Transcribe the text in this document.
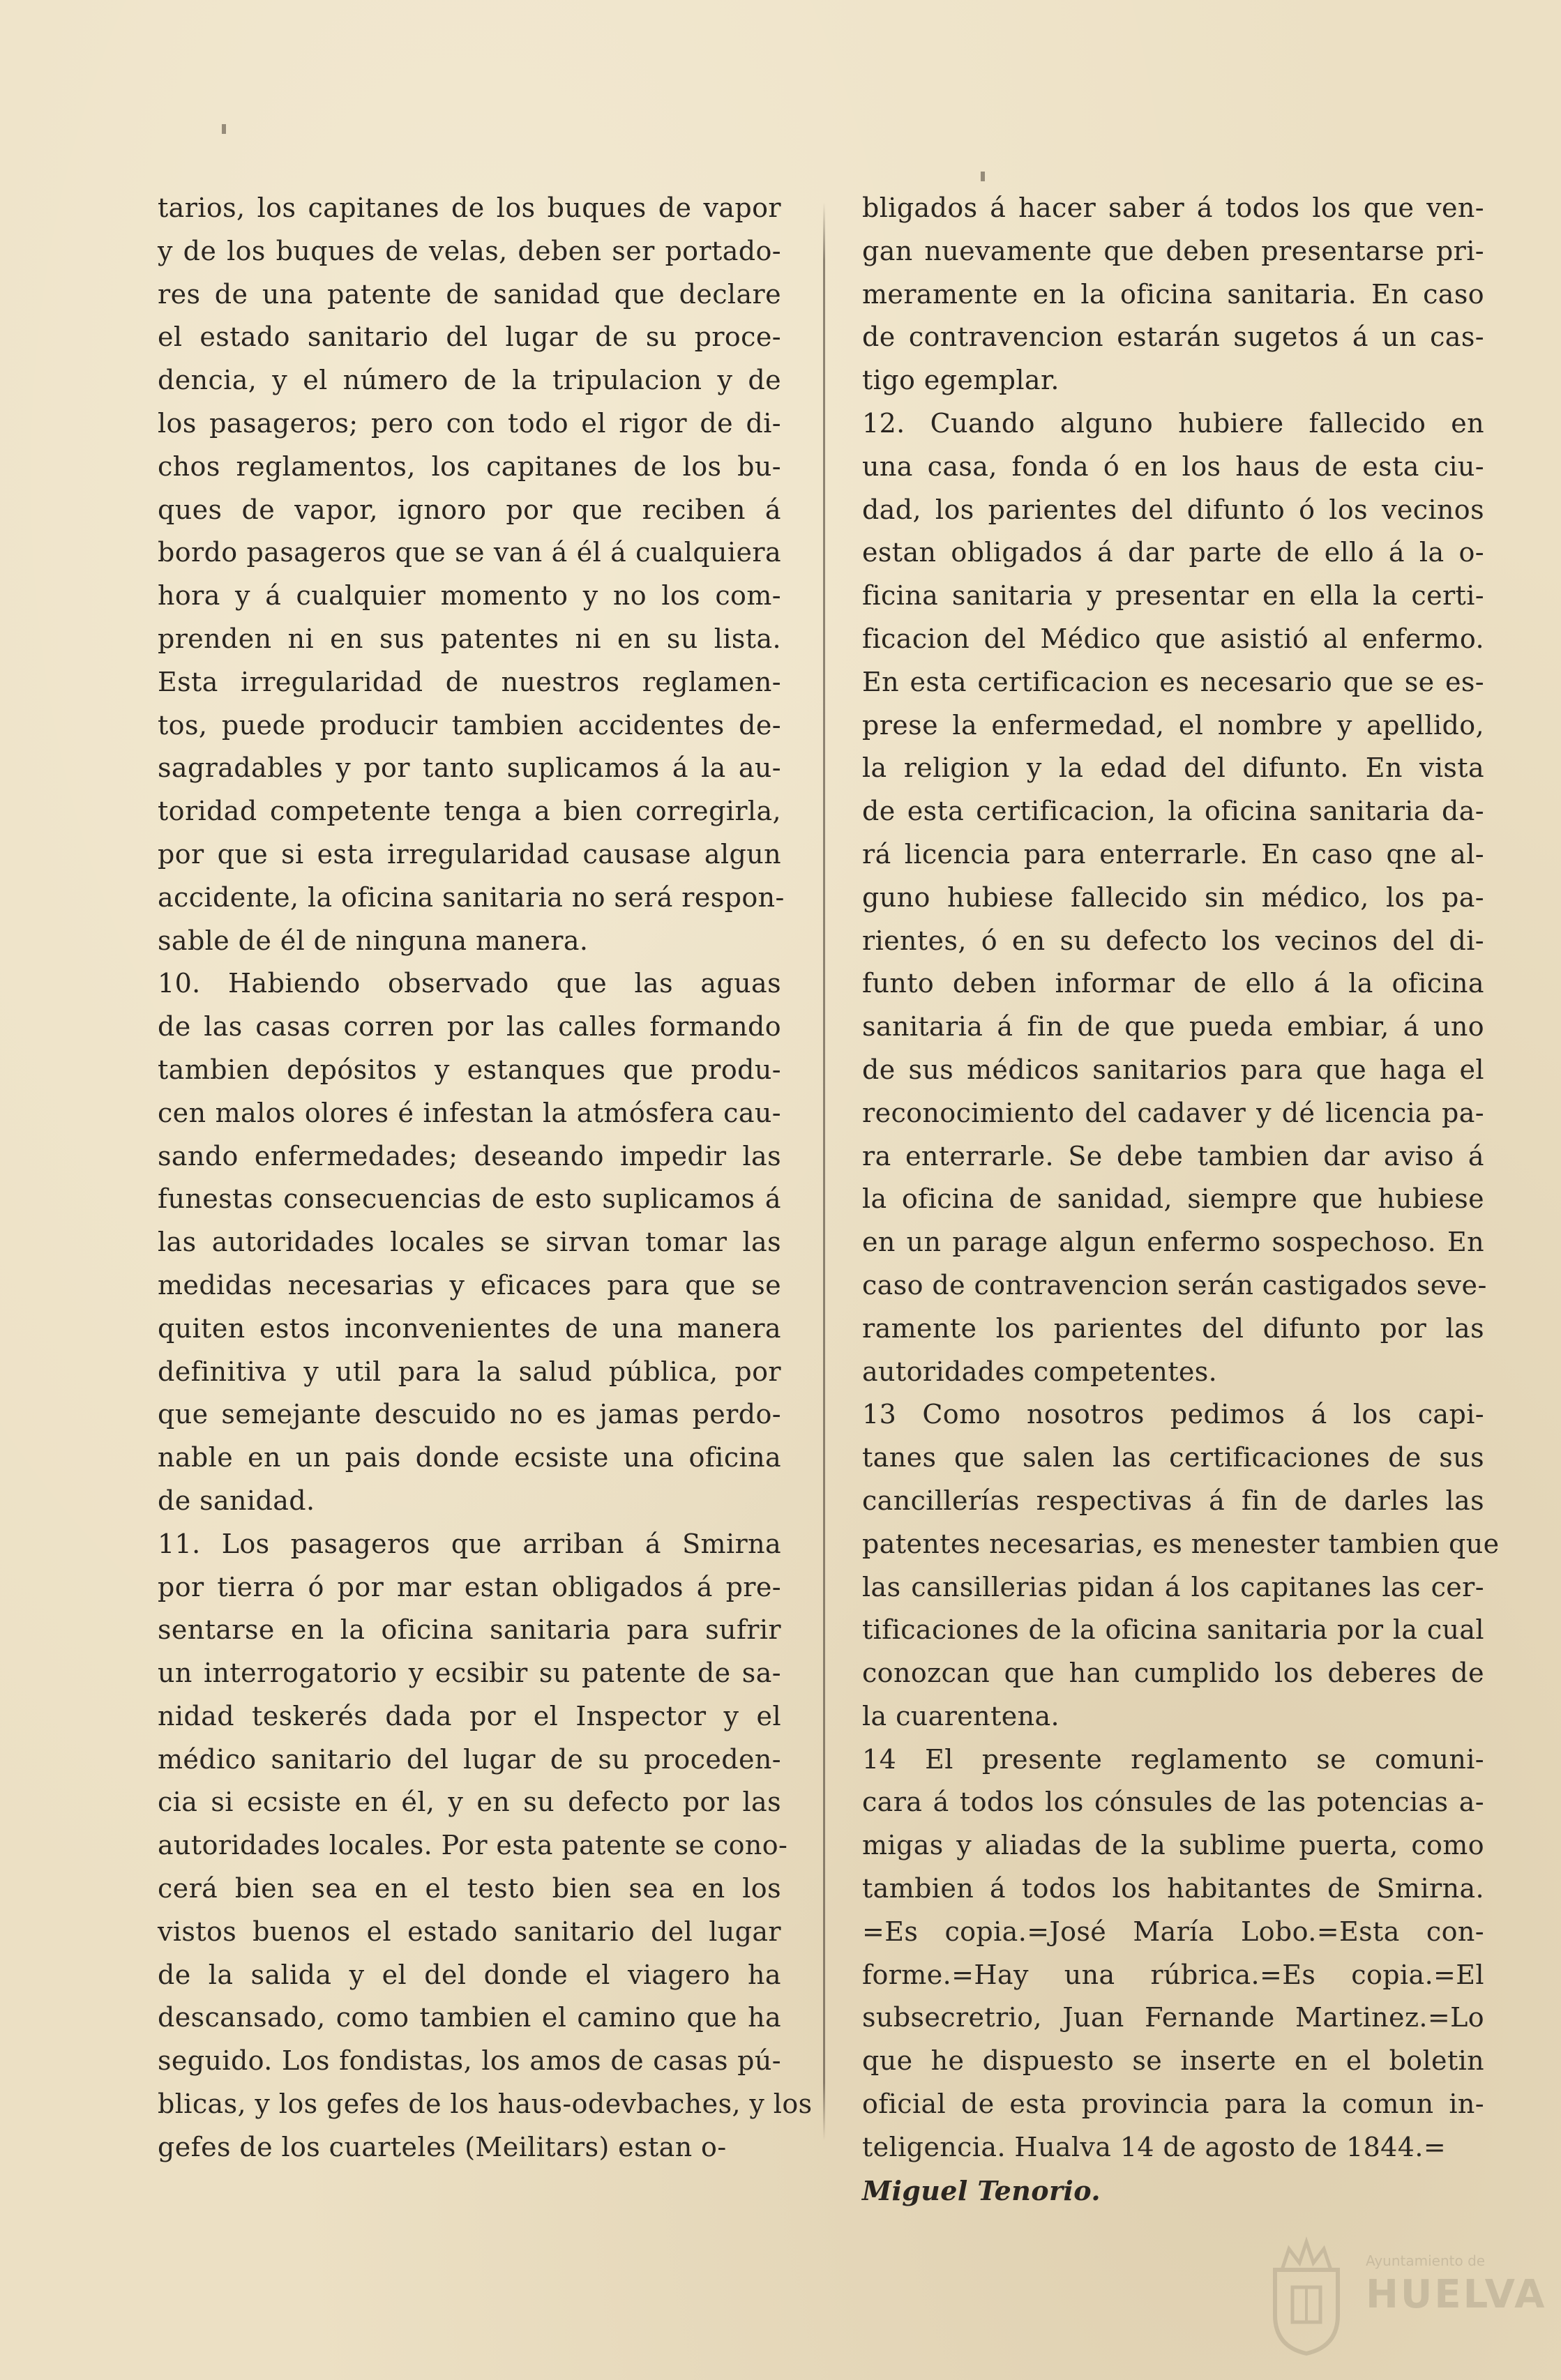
tarios, los capitanes de los buques de vapor
y de los buques de velas, deben ser portado-
res de una patente de sanidad que declare
el estado sanitario del lugar de su proce-
dencia, y el número de la tripulacion y de
los pasageros; pero con todo el rigor de di-
chos reglamentos, los capitanes de los bu-
ques de vapor, ignoro por que reciben á
bordo pasageros que se van á él á cualquiera
hora y á cualquier momento y no los com-
prenden ni en sus patentes ni en su lista.
Esta irregularidad de nuestros reglamen-
tos, puede producir tambien accidentes de-
sagradables y por tanto suplicamos á la au-
toridad competente tenga a bien corregirla,
por que si esta irregularidad causase algun
accidente, la oficina sanitaria no será respon-
sable de él de ninguna manera.
10. Habiendo observado que las aguas
de las casas corren por las calles formando
tambien depósitos y estanques que produ-
cen malos olores é infestan la atmósfera cau-
sando enfermedades; deseando impedir las
funestas consecuencias de esto suplicamos á
las autoridades locales se sirvan tomar las
medidas necesarias y eficaces para que se
quiten estos inconvenientes de una manera
definitiva y util para la salud pública, por
que semejante descuido no es jamas perdo-
nable en un pais donde ecsiste una oficina
de sanidad.
11. Los pasageros que arriban á Smirna
por tierra ó por mar estan obligados á pre-
sentarse en la oficina sanitaria para sufrir
un interrogatorio y ecsibir su patente de sa-
nidad teskerés dada por el Inspector y el
médico sanitario del lugar de su proceden-
cia si ecsiste en él, y en su defecto por las
autoridades locales. Por esta patente se cono-
cerá bien sea en el testo bien sea en los
vistos buenos el estado sanitario del lugar
de la salida y el del donde el viagero ha
descansado, como tambien el camino que ha
seguido. Los fondistas, los amos de casas pú-
blicas, y los gefes de los haus-odevbaches, y los
gefes de los cuarteles (Meilitars) estan o-
bligados á hacer saber á todos los que ven-
gan nuevamente que deben presentarse pri-
meramente en la oficina sanitaria. En caso
de contravencion estarán sugetos á un cas-
tigo egemplar.
12. Cuando alguno hubiere fallecido en
una casa, fonda ó en los haus de esta ciu-
dad, los parientes del difunto ó los vecinos
estan obligados á dar parte de ello á la o-
ficina sanitaria y presentar en ella la certi-
ficacion del Médico que asistió al enfermo.
En esta certificacion es necesario que se es-
prese la enfermedad, el nombre y apellido,
la religion y la edad del difunto. En vista
de esta certificacion, la oficina sanitaria da-
rá licencia para enterrarle. En caso qne al-
guno hubiese fallecido sin médico, los pa-
rientes, ó en su defecto los vecinos del di-
funto deben informar de ello á la oficina
sanitaria á fin de que pueda embiar, á uno
de sus médicos sanitarios para que haga el
reconocimiento del cadaver y dé licencia pa-
ra enterrarle. Se debe tambien dar aviso á
la oficina de sanidad, siempre que hubiese
en un parage algun enfermo sospechoso. En
caso de contravencion serán castigados seve-
ramente los parientes del difunto por las
autoridades competentes.
13 Como nosotros pedimos á los capi-
tanes que salen las certificaciones de sus
cancillerías respectivas á fin de darles las
patentes necesarias, es menester tambien que
las cansillerias pidan á los capitanes las cer-
tificaciones de la oficina sanitaria por la cual
conozcan que han cumplido los deberes de
la cuarentena.
14 El presente reglamento se comuni-
cara á todos los cónsules de las potencias a-
migas y aliadas de la sublime puerta, como
tambien á todos los habitantes de Smirna.
=Es copia.=José María Lobo.=Esta con-
forme.=Hay una rúbrica.=Es copia.=El
subsecretrio, Juan Fernande Martinez.=Lo
que he dispuesto se inserte en el boletin
oficial de esta provincia para la comun in-
teligencia. Hualva 14 de agosto de 1844.=
Miguel Tenorio.
Ayuntamiento de
HUELVA
